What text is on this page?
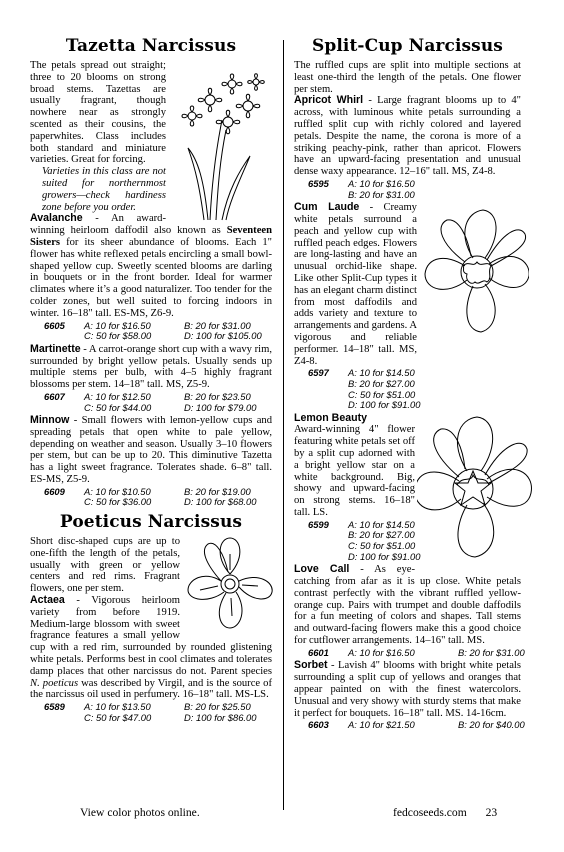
Tazetta Narcissus

The petals spread out straight; three to 20 blooms on strong broad stems. Tazettas are usually fragrant, though nowhere near as strongly scented as their cousins, the paperwhites. Class includes both standard and miniature varieties. Great for forcing.

Varieties in this class are not suited for northernmost growers—check hardiness zone before you order.

Avalanche - An award-winning heirloom daffodil also known as Seventeen Sisters for its sheer abundance of blooms. Each 1" flower has white reflexed petals encircling a small bowl-shaped yellow cup. Sweetly scented blooms are darling in bouquets or in the front border. Ideal for warmer climates where it’s a good naturalizer. Too tender for the colder zones, but well suited to forcing indoors in winter. 16–18" tall. ES-MS, Z6-9.

6605	A: 10 for $16.50	B: 20 for $31.00
C: 50 for $58.00	D: 100 for $105.00

Martinette - A carrot-orange short cup with a wavy rim, surrounded by bright yellow petals. Usually sends up multiple stems per bulb, with 4–5 highly fragrant blossoms per stem. 14–18" tall. MS, Z5-9.

6607	A: 10 for $12.50	B: 20 for $23.50
C: 50 for $44.00	D: 100 for $79.00

Minnow - Small flowers with lemon-yellow cups and spreading petals that open white to pale yellow, depending on weather and season. Usually 3–10 flowers per stem, but can be up to 20. This diminutive Tazetta has a light sweet fragrance. Tolerates shade. 6–8" tall. ES-MS, Z5-9.

6609	A: 10 for $10.50	B: 20 for $19.00
C: 50 for $36.00	D: 100 for $68.00
Poeticus Narcissus

Short disc-shaped cups are up to one-fifth the length of the petals, usually with green or yellow centers and red rims. Fragrant flowers, one per stem.

Actaea - Vigorous heirloom variety from before 1919. Medium-large blossom with sweet fragrance features a small yellow cup with a red rim, surrounded by rounded glistening white petals. Performs best in cool climates and tolerates damp places that other narcissus do not. Parent species N. poeticus was described by Virgil, and is the source of the narcissus oil used in perfumery. 16–18" tall. MS-LS.

6589	A: 10 for $13.50	B: 20 for $25.50
C: 50 for $47.00	D: 100 for $86.00
Split-Cup Narcissus

The ruffled cups are split into multiple sections at least one-third the length of the petals. One flower per stem.

Apricot Whirl - Large fragrant blooms up to 4" across, with luminous white petals surrounding a ruffled split cup with richly colored and layered petals. Despite the name, the corona is more of a striking peachy-pink, rather than apricot. Flowers have an upward-facing presentation and unusual dense waxy appearance. 12–16" tall. MS, Z4-8.

6595	A: 10 for $16.50
B: 20 for $31.00

Cum Laude - Creamy white petals surround a peach and yellow cup with ruffled peach edges. Flowers are long-lasting and have an unusual orchid-like shape. Like other Split-Cup types it has an elegant charm distinct from most daffodils and adds variety and texture to arrangements and gardens. A vigorous and reliable performer. 14–18" tall. MS, Z4-8.

6597	A: 10 for $14.50
B: 20 for $27.00
C: 50 for $51.00
D: 100 for $91.00

Lemon Beauty
Award-winning 4" flower featuring white petals set off by a split cup adorned with a bright yellow star on a white background. Big, showy and upward-facing on strong stems. 16–18" tall. LS.

6599	A: 10 for $14.50
B: 20 for $27.00
C: 50 for $51.00
D: 100 for $91.00

Love Call - As eye-catching from afar as it is up close. White petals contrast perfectly with the vibrant ruffled yellow-orange cup. Pairs with trumpet and double daffodils for a fun meeting of colors and shapes. Tall stems and outward-facing flowers make this a good choice for cutflower arrangements. 14–16" tall. MS.

6601	A: 10 for $16.50	B: 20 for $31.00

Sorbet - Lavish 4" blooms with bright white petals surrounding a split cup of yellows and oranges that appear painted on with the finest watercolors. Unusual and very showy with sturdy stems that make it perfect for bouquets. 16–18" tall. MS. 14-16cm.

6603	A: 10 for $21.50	B: 20 for $40.00
View color photos online.	fedcoseeds.com 23
